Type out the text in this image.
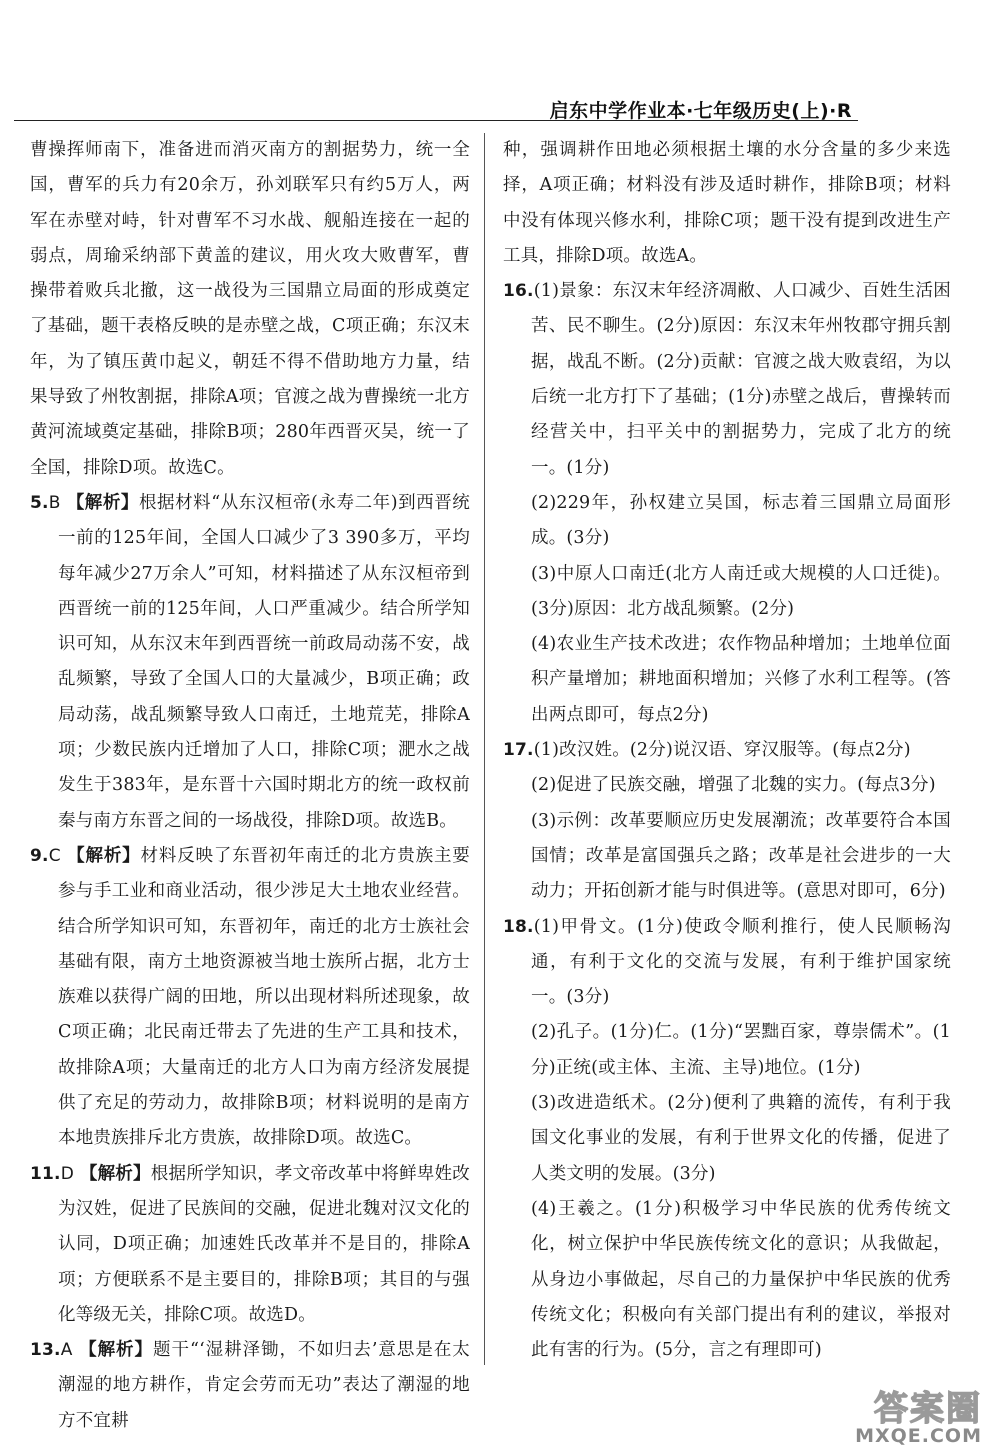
启东中学作业本·七年级历史(上)·R

曹操挥师南下，准备进而消灭南方的割据势力，统一全国，曹军的兵力有20余万，孙刘联军只有约5万人，两军在赤壁对峙，针对曹军不习水战、舰船连接在一起的弱点，周瑜采纳部下黄盖的建议，用火攻大败曹军，曹操带着败兵北撤，这一战役为三国鼎立局面的形成奠定了基础，题干表格反映的是赤壁之战，C项正确；东汉末年，为了镇压黄巾起义，朝廷不得不借助地方力量，结果导致了州牧割据，排除A项；官渡之战为曹操统一北方黄河流域奠定基础，排除B项；280年西晋灭吴，统一了全国，排除D项。故选C。

5.B 【解析】根据材料“从东汉桓帝(永寿二年)到西晋统一前的125年间，全国人口减少了3 390多万，平均每年减少27万余人”可知，材料描述了从东汉桓帝到西晋统一前的125年间，人口严重减少。结合所学知识可知，从东汉末年到西晋统一前政局动荡不安，战乱频繁，导致了全国人口的大量减少，B项正确；政局动荡，战乱频繁导致人口南迁，土地荒芜，排除A项；少数民族内迁增加了人口，排除C项；淝水之战发生于383年，是东晋十六国时期北方的统一政权前秦与南方东晋之间的一场战役，排除D项。故选B。

9.C 【解析】材料反映了东晋初年南迁的北方贵族主要参与手工业和商业活动，很少涉足大土地农业经营。结合所学知识可知，东晋初年，南迁的北方士族社会基础有限，南方土地资源被当地士族所占据，北方士族难以获得广阔的田地，所以出现材料所述现象，故C项正确；北民南迁带去了先进的生产工具和技术，故排除A项；大量南迁的北方人口为南方经济发展提供了充足的劳动力，故排除B项；材料说明的是南方本地贵族排斥北方贵族，故排除D项。故选C。

11.D 【解析】根据所学知识，孝文帝改革中将鲜卑姓改为汉姓，促进了民族间的交融，促进北魏对汉文化的认同，D项正确；加速姓氏改革并不是目的，排除A项；方便联系不是主要目的，排除B项；其目的与强化等级无关，排除C项。故选D。

13.A 【解析】题干“‘湿耕泽锄，不如归去’意思是在太潮湿的地方耕作，肯定会劳而无功”表达了潮湿的地方不宜耕

种，强调耕作田地必须根据土壤的水分含量的多少来选择，A项正确；材料没有涉及适时耕作，排除B项；材料中没有体现兴修水利，排除C项；题干没有提到改进生产工具，排除D项。故选A。

16.(1)景象：东汉末年经济凋敝、人口减少、百姓生活困苦、民不聊生。(2分)原因：东汉末年州牧郡守拥兵割据，战乱不断。(2分)贡献：官渡之战大败袁绍，为以后统一北方打下了基础；(1分)赤壁之战后，曹操转而经营关中，扫平关中的割据势力，完成了北方的统一。(1分)

(2)229年，孙权建立吴国，标志着三国鼎立局面形成。(3分)

(3)中原人口南迁(北方人南迁或大规模的人口迁徙)。(3分)原因：北方战乱频繁。(2分)

(4)农业生产技术改进；农作物品种增加；土地单位面积产量增加；耕地面积增加；兴修了水利工程等。(答出两点即可，每点2分)

17.(1)改汉姓。(2分)说汉语、穿汉服等。(每点2分)

(2)促进了民族交融，增强了北魏的实力。(每点3分)

(3)示例：改革要顺应历史发展潮流；改革要符合本国国情；改革是富国强兵之路；改革是社会进步的一大动力；开拓创新才能与时俱进等。(意思对即可，6分)

18.(1)甲骨文。(1分)使政令顺利推行，使人民顺畅沟通，有利于文化的交流与发展，有利于维护国家统一。(3分)

(2)孔子。(1分)仁。(1分)“罢黜百家，尊崇儒术”。(1分)正统(或主体、主流、主导)地位。(1分)

(3)改进造纸术。(2分)便利了典籍的流传，有利于我国文化事业的发展，有利于世界文化的传播，促进了人类文明的发展。(3分)

(4)王羲之。(1分)积极学习中华民族的优秀传统文化，树立保护中华民族传统文化的意识；从我做起，从身边小事做起，尽自己的力量保护中华民族的优秀传统文化；积极向有关部门提出有利的建议，举报对此有害的行为。(5分，言之有理即可)

答案圈
MXQE.COM
